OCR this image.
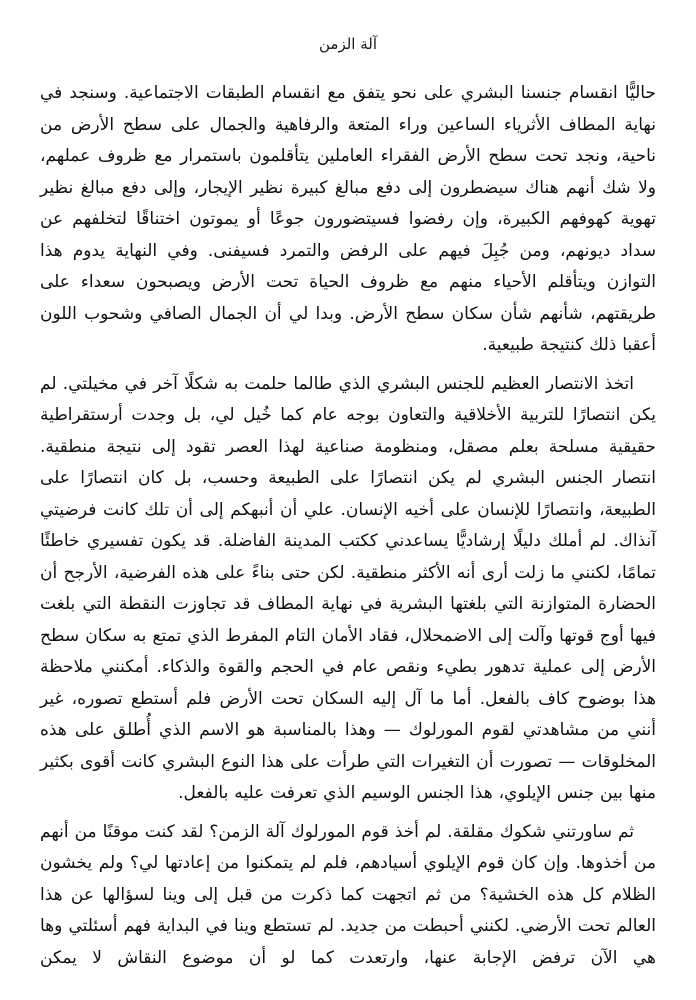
آلة الزمن

حاليًّا انقسام جنسنا البشري على نحو يتفق مع انقسام الطبقات الاجتماعية. وسنجد في نهاية المطاف الأثرياء الساعين وراء المتعة والرفاهية والجمال على سطح الأرض من ناحية، ونجد تحت سطح الأرض الفقراء العاملين يتأقلمون باستمرار مع ظروف عملهم، ولا شك أنهم هناك سيضطرون إلى دفع مبالغ كبيرة نظير الإيجار، وإلى دفع مبالغ نظير تهوية كهوفهم الكبيرة، وإن رفضوا فسيتضورون جوعًا أو يموتون اختناقًا لتخلفهم عن سداد ديونهم، ومن جُبِلَ فيهم على الرفض والتمرد فسيفنى. وفي النهاية يدوم هذا التوازن ويتأقلم الأحياء منهم مع ظروف الحياة تحت الأرض ويصبحون سعداء على طريقتهم، شأنهم شأن سكان سطح الأرض. وبدا لي أن الجمال الصافي وشحوب اللون أعقبا ذلك كنتيجة طبيعية.

اتخذ الانتصار العظيم للجنس البشري الذي طالما حلمت به شكلًا آخر في مخيلتي. لم يكن انتصارًا للتربية الأخلاقية والتعاون بوجه عام كما خُيل لي، بل وجدت أرستقراطية حقيقية مسلحة بعلم مصقل، ومنظومة صناعية لهذا العصر تقود إلى نتيجة منطقية. انتصار الجنس البشري لم يكن انتصارًا على الطبيعة وحسب، بل كان انتصارًا على الطبيعة، وانتصارًا للإنسان على أخيه الإنسان. علي أن أنبهكم إلى أن تلك كانت فرضيتي آنذاك. لم أملك دليلًا إرشاديًّا يساعدني ككتب المدينة الفاضلة. قد يكون تفسيري خاطئًا تمامًا، لكنني ما زلت أرى أنه الأكثر منطقية. لكن حتى بناءً على هذه الفرضية، الأرجح أن الحضارة المتوازنة التي بلغتها البشرية في نهاية المطاف قد تجاوزت النقطة التي بلغت فيها أوج قوتها وآلت إلى الاضمحلال، فقاد الأمان التام المفرط الذي تمتع به سكان سطح الأرض إلى عملية تدهور بطيء ونقص عام في الحجم والقوة والذكاء. أمكنني ملاحظة هذا بوضوح كاف بالفعل. أما ما آل إليه السكان تحت الأرض فلم أستطع تصوره، غير أنني من مشاهدتي لقوم المورلوك — وهذا بالمناسبة هو الاسم الذي أُطلق على هذه المخلوقات — تصورت أن التغيرات التي طرأت على هذا النوع البشري كانت أقوى بكثير منها بين جنس الإيلوي، هذا الجنس الوسيم الذي تعرفت عليه بالفعل.

ثم ساورتني شكوك مقلقة. لم أخذ قوم المورلوك آلة الزمن؟ لقد كنت موقنًا من أنهم من أخذوها. وإن كان قوم الإيلوي أسيادهم، فلم لم يتمكنوا من إعادتها لي؟ ولم يخشون الظلام كل هذه الخشية؟ من ثم اتجهت كما ذكرت من قبل إلى وينا لسؤالها عن هذا العالم تحت الأرضي. لكنني أحبطت من جديد. لم تستطع وينا في البداية فهم أسئلتي وها هي الآن ترفض الإجابة عنها، وارتعدت كما لو أن موضوع النقاش لا يمكن
